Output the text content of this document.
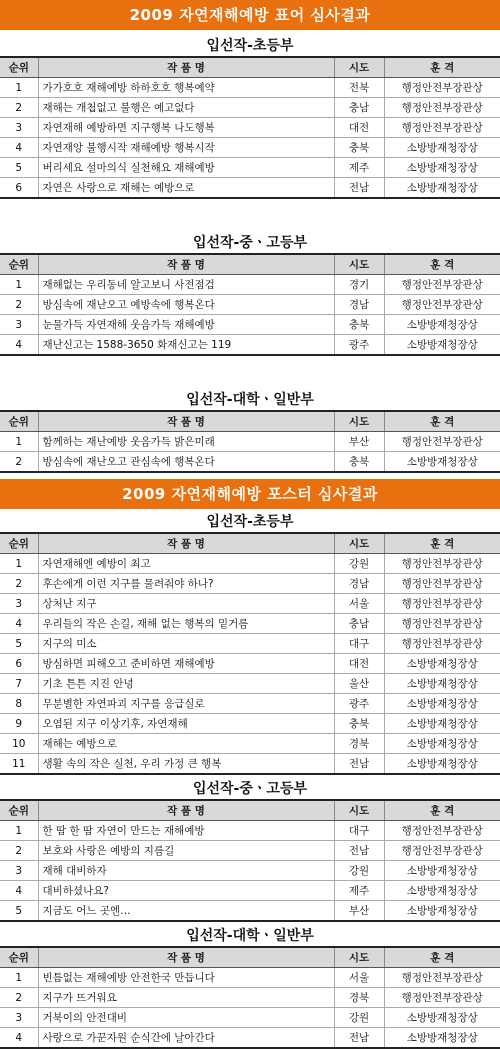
2009 자연재해예방 표어 심사결과
입선작-초등부
순위	작 품 명	시도	훈 격
1	가가호호 재해예방 하하호호 행복예약	전북	행정안전부장관상
2	재해는 개첩없고 불행은 예고없다	충남	행정안전부장관상
3	자연재해 예방하면 지구행복 나도행복	대전	행정안전부장관상
4	자연재앙 불행시작 재해예방 행복시작	충북	소방방재청장상
5	버리세요 설마의식 실천해요 재해예방	제주	소방방재청장상
6	자연은 사랑으로 재해는 예방으로	전남	소방방재청장상
입선작-중ㆍ고등부
순위	작 품 명	시도	훈 격
1	재해없는 우리동네 알고보니 사전점검	경기	행정안전부장관상
2	방심속에 재난오고 예방속에 행복온다	경남	행정안전부장관상
3	눈물가득 자연재해 웃음가득 재해예방	충북	소방방재청장상
4	재난신고는 1588-3650 화재신고는 119	광주	소방방재청장상
입선작-대학ㆍ일반부
순위	작 품 명	시도	훈 격
1	함께하는 재난예방 웃음가득 밝은미래	부산	행정안전부장관상
2	방심속에 재난오고 관심속에 행복온다	충북	소방방재청장상
2009 자연재해예방 포스터 심사결과
입선작-초등부
순위	작 품 명	시도	훈 격
1	자연재해엔 예방이 최고	강원	행정안전부장관상
2	후손에게 이런 지구를 물려줘야 하나?	경남	행정안전부장관상
3	상처난 지구	서울	행정안전부장관상
4	우리들의 작은 손길, 재해 없는 행복의 밑거름	충남	행정안전부장관상
5	지구의 미소	대구	행정안전부장관상
6	방심하면 피해오고 준비하면 재해예방	대전	소방방재청장상
7	기초 튼튼 지진 안녕	울산	소방방재청장상
8	무분별한 자연파괴 지구를 응급실로	광주	소방방재청장상
9	오염된 지구 이상기후, 자연재해	충북	소방방재청장상
10	재해는 예방으로	경북	소방방재청장상
11	생활 속의 작은 실천, 우리 가정 큰 행복	전남	소방방재청장상
입선작-중ㆍ고등부
순위	작 품 명	시도	훈 격
1	한 땀 한 땀 자연이 만드는 재해예방	대구	행정안전부장관상
2	보호와 사랑은 예방의 지름길	전남	행정안전부장관상
3	재해 대비하자	강원	소방방재청장상
4	대비하셨나요?	제주	소방방재청장상
5	지금도 어느 곳엔…	부산	소방방재청장상
입선작-대학ㆍ일반부
순위	작 품 명	시도	훈 격
1	빈틈없는 재해예방 안전한국 만듭니다	서울	행정안전부장관상
2	지구가 뜨거워요	경북	행정안전부장관상
3	거북이의 안전대비	강원	소방방재청장상
4	사랑으로 가꾼자원 순식간에 날아간다	전남	소방방재청장상
